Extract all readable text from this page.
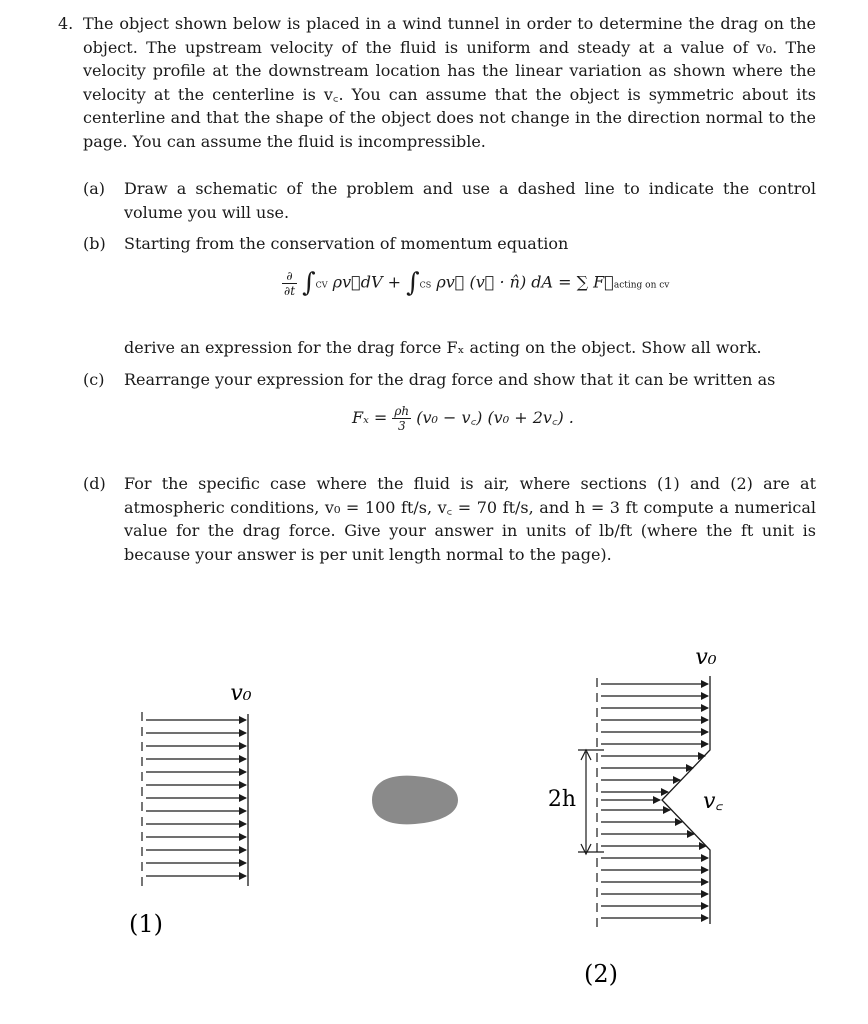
4. The object shown below is placed in a wind tunnel in order to determine the drag on the object. The upstream velocity of the fluid is uniform and steady at a value of v₀. The velocity profile at the downstream location has the linear variation as shown where the velocity at the centerline is v꜀. You can assume that the object is symmetric about its centerline and that the shape of the object does not change in the direction normal to the page. You can assume the fluid is incompressible.
(a) Draw a schematic of the problem and use a dashed line to indicate the control volume you will use.
(b) Starting from the conservation of momentum equation
$\frac{\partial}{\partial t} \int CV$ ρv⃗dV + ∫CS ρv⃗ (v⃗ · n̂) dA = ∑ F⃗acting on cv
derive an expression for the drag force Fₓ acting on the object. Show all work.
(c) Rearrange your expression for the drag force and show that it can be written as
$F_x = \frac{\rho h}{3} (v_0$ − v꜀) (v₀ + 2v꜀) .
(d) For the specific case where the fluid is air, where sections (1) and (2) are at atmospheric conditions, v₀ = 100 ft/s, v꜀ = 70 ft/s, and h = 3 ft compute a numerical value for the drag force. Give your answer in units of lb/ft (where the ft unit is because your answer is per unit length normal to the page).
v₀
(1)
v₀
v꜀
2h
(2)
